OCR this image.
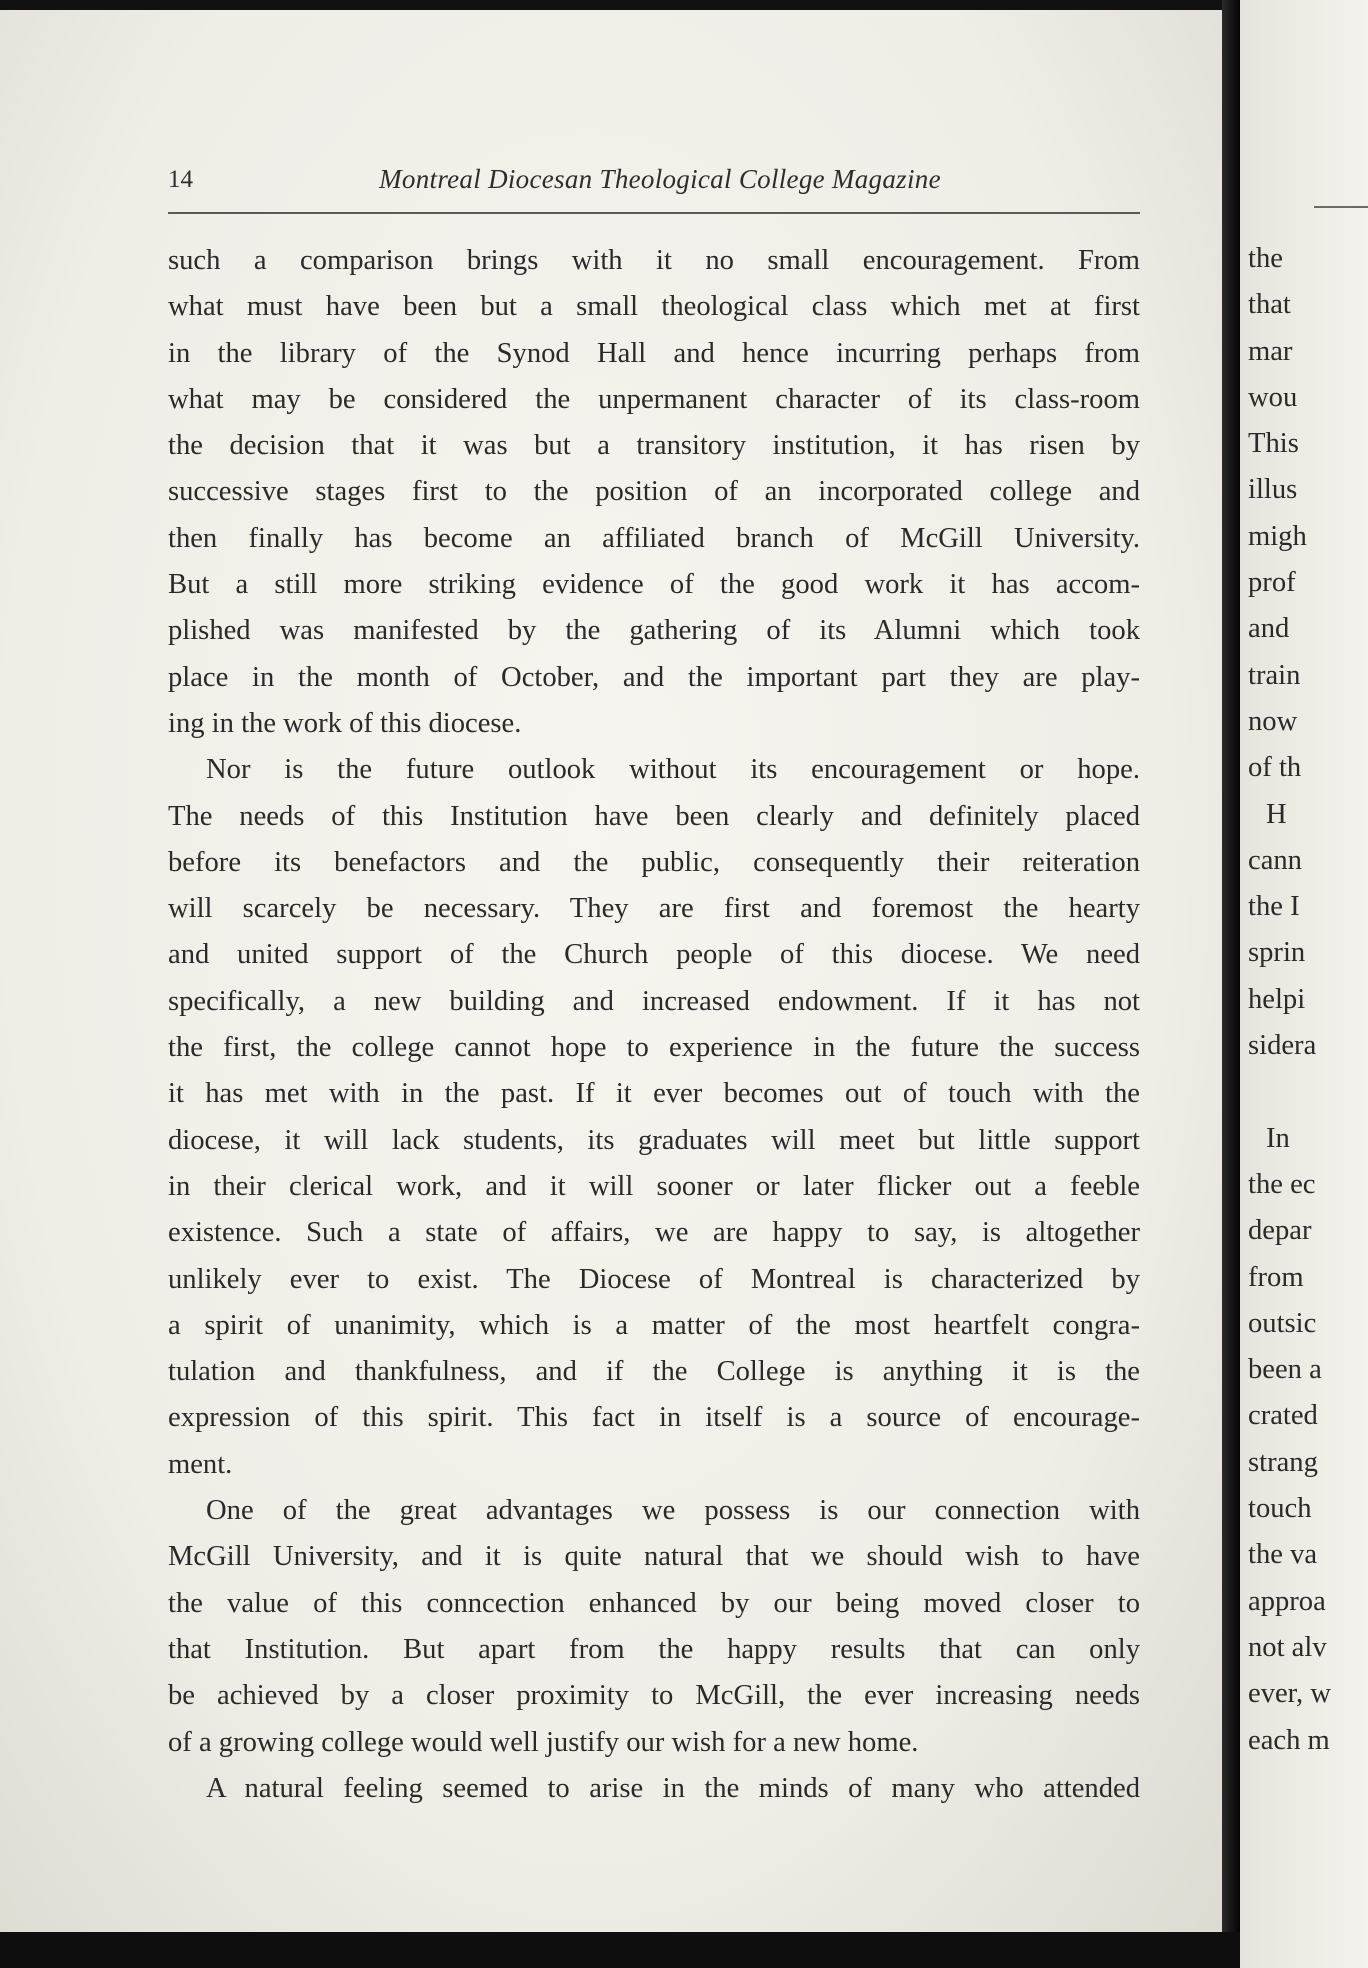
14	Montreal Diocesan Theological College Magazine
such a comparison brings with it no small encouragement. From
what must have been but a small theological class which met at first
in the library of the Synod Hall and hence incurring perhaps from
what may be considered the unpermanent character of its class-room
the decision that it was but a transitory institution, it has risen by
successive stages first to the position of an incorporated college and
then finally has become an affiliated branch of McGill University.
But a still more striking evidence of the good work it has accom-
plished was manifested by the gathering of its Alumni which took
place in the month of October, and the important part they are play-
ing in the work of this diocese.
Nor is the future outlook without its encouragement or hope.
The needs of this Institution have been clearly and definitely placed
before its benefactors and the public, consequently their reiteration
will scarcely be necessary. They are first and foremost the hearty
and united support of the Church people of this diocese. We need
specifically, a new building and increased endowment. If it has not
the first, the college cannot hope to experience in the future the success
it has met with in the past. If it ever becomes out of touch with the
diocese, it will lack students, its graduates will meet but little support
in their clerical work, and it will sooner or later flicker out a feeble
existence. Such a state of affairs, we are happy to say, is altogether
unlikely ever to exist. The Diocese of Montreal is characterized by
a spirit of unanimity, which is a matter of the most heartfelt congra-
tulation and thankfulness, and if the College is anything it is the
expression of this spirit. This fact in itself is a source of encourage-
ment.
One of the great advantages we possess is our connection with
McGill University, and it is quite natural that we should wish to have
the value of this conncection enhanced by our being moved closer to
that Institution. But apart from the happy results that can only
be achieved by a closer proximity to McGill, the ever increasing needs
of a growing college would well justify our wish for a new home.
A natural feeling seemed to arise in the minds of many who attended
the
that
mar
wou
This
illus
migh
prof
and
train
now
of th
H
cann
the I
sprin
helpi
sidera
In
the ec
depar
from
outsic
been a
crated
strang
touch
the va
approa
not alv
ever, w
each m
